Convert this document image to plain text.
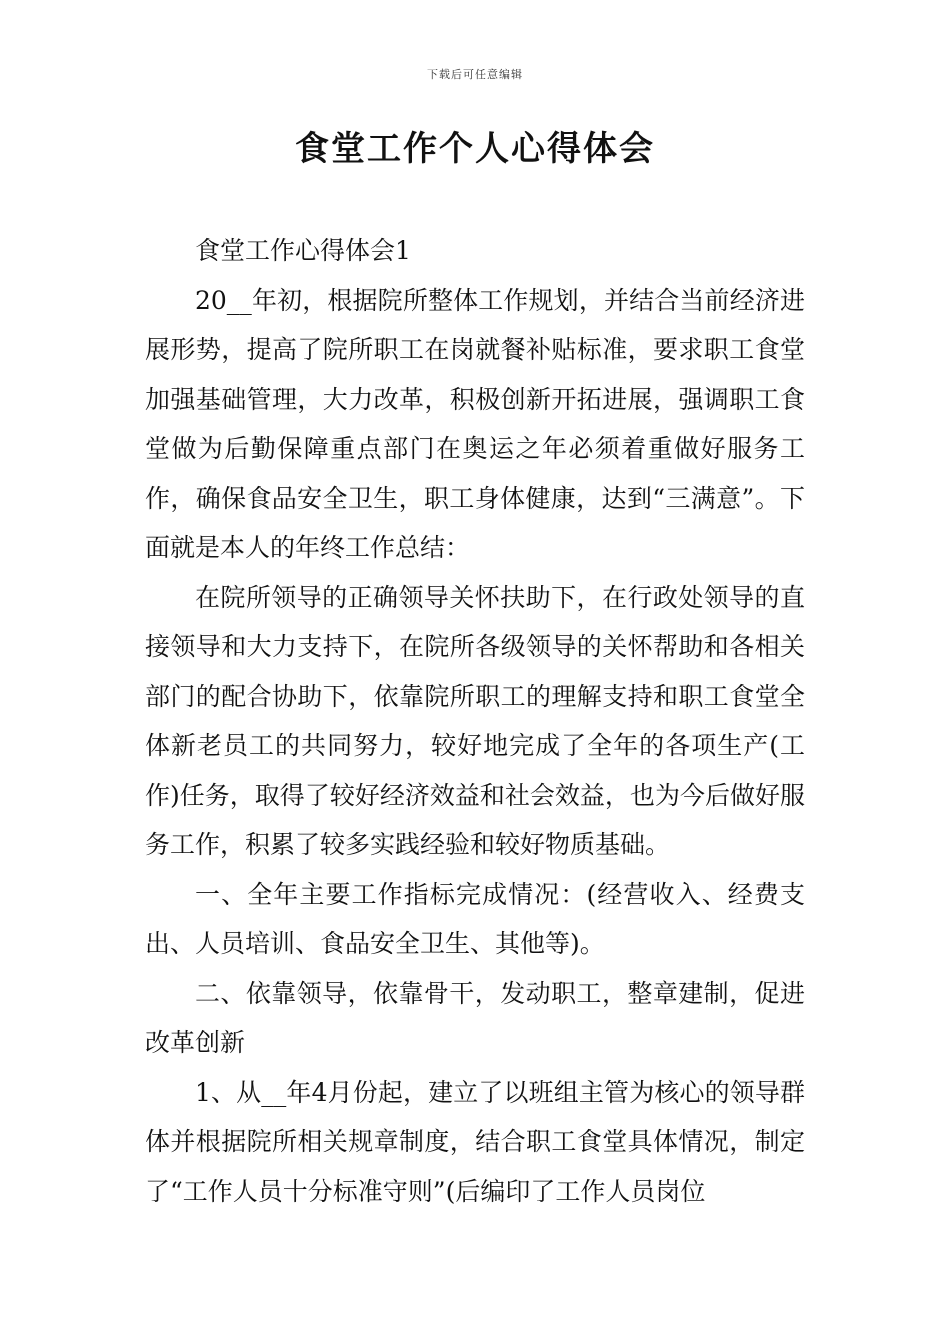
下载后可任意编辑
食堂工作个人心得体会

食堂工作心得体会1

20__年初，根据院所整体工作规划，并结合当前经济进展形势，提高了院所职工在岗就餐补贴标准，要求职工食堂加强基础管理，大力改革，积极创新开拓进展，强调职工食堂做为后勤保障重点部门在奥运之年必须着重做好服务工作，确保食品安全卫生，职工身体健康，达到“三满意”。下面就是本人的年终工作总结：

在院所领导的正确领导关怀扶助下，在行政处领导的直接领导和大力支持下，在院所各级领导的关怀帮助和各相关部门的配合协助下，依靠院所职工的理解支持和职工食堂全体新老员工的共同努力，较好地完成了全年的各项生产(工作)任务，取得了较好经济效益和社会效益，也为今后做好服务工作，积累了较多实践经验和较好物质基础。

一、全年主要工作指标完成情况：(经营收入、经费支出、人员培训、食品安全卫生、其他等)。

二、依靠领导，依靠骨干，发动职工，整章建制，促进改革创新

1、从__年4月份起，建立了以班组主管为核心的领导群体并根据院所相关规章制度，结合职工食堂具体情况，制定了“工作人员十分标准守则”(后编印了工作人员岗位
